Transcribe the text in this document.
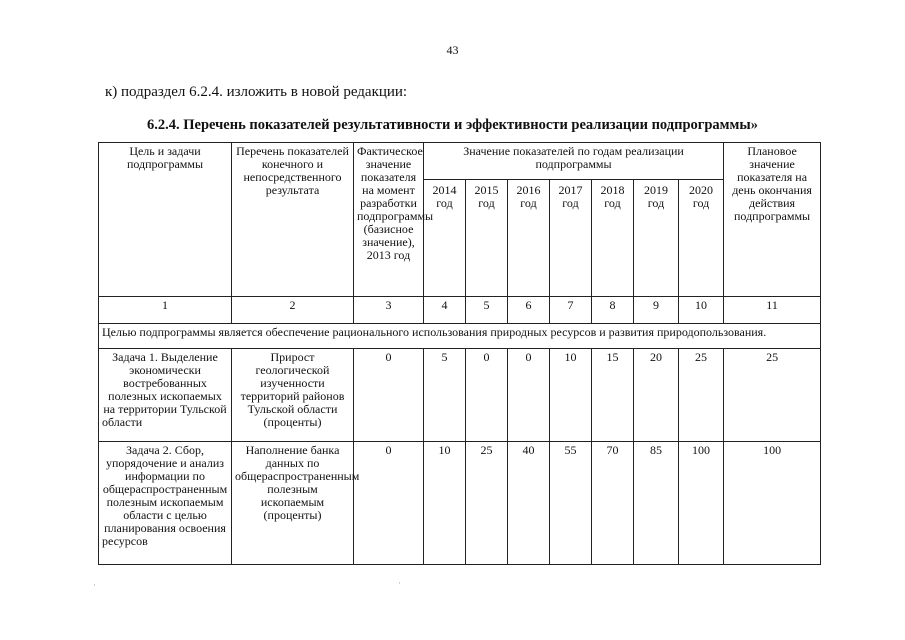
43
к) подраздел 6.2.4. изложить в новой редакции:
6.2.4. Перечень показателей результативности и эффективности реализации подпрограммы»
Цель и задачи подпрограммы	Перечень показателей конечного и непосредственного результата	Фактическое значение показателя на момент разработки подпрограммы (базисное значение), 2013 год	Значение показателей по годам реализации подпрограммы							Плановое значение показателя на день окончания действия подпрограммы
			2014 год	2015 год	2016 год	2017 год	2018 год	2019 год	2020 год	
1	2	3	4	5	6	7	8	9	10	11
Целью подпрограммы является обеспечение рационального использования природных ресурсов и развития природопользования.										
Задача 1. Выделение экономически востребованных полезных ископаемых на территории Тульской области	Прирост геологической изученности территорий районов Тульской области (проценты)	0	5	0	0	10	15	20	25	25
Задача 2. Сбор, упорядочение и анализ информации по общераспространенным полезным ископаемым области с целью планирования освоения ресурсов	Наполнение банка данных по общераспространенным полезным ископаемым (проценты)	0	10	25	40	55	70	85	100	100
·	·
